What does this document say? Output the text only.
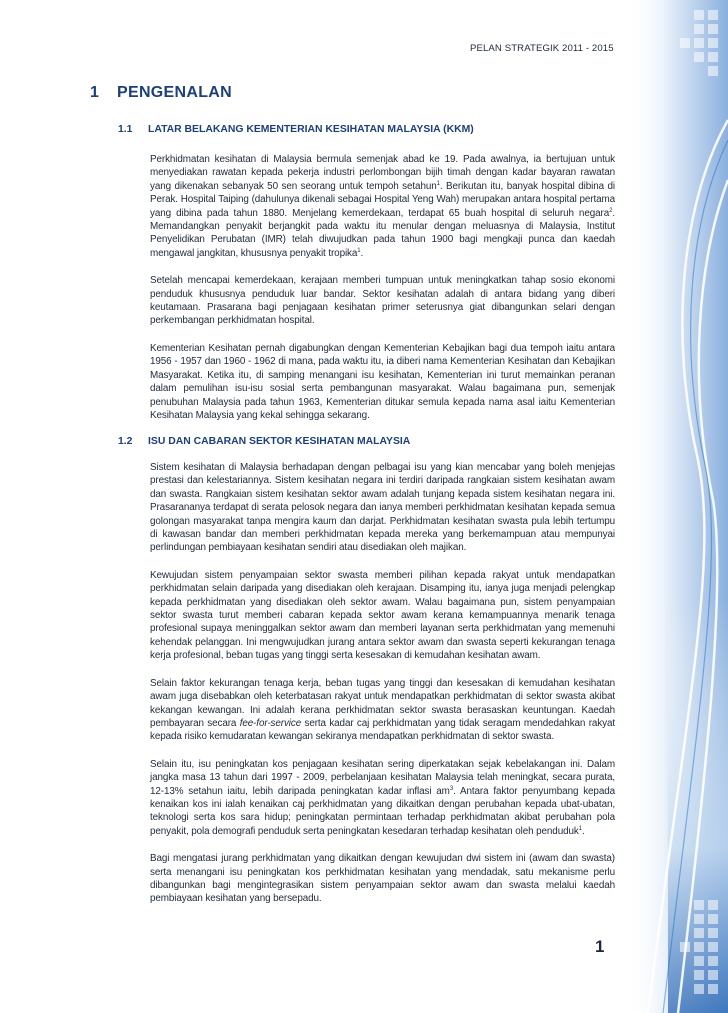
PELAN STRATEGIK 2011 - 2015
1 PENGENALAN
1.1 LATAR BELAKANG KEMENTERIAN KESIHATAN MALAYSIA (KKM)

Perkhidmatan kesihatan di Malaysia bermula semenjak abad ke 19. Pada awalnya, ia bertujuan untuk menyediakan rawatan kepada pekerja industri perlombongan bijih timah dengan kadar bayaran rawatan yang dikenakan sebanyak 50 sen seorang untuk tempoh setahun$^1$. Berikutan itu, banyak hospital dibina di Perak. Hospital Taiping (dahulunya dikenali sebagai Hospital Yeng Wah) merupakan antara hospital pertama yang dibina pada tahun 1880. Menjelang kemerdekaan, terdapat 65 buah hospital di seluruh negara$^2$. Memandangkan penyakit berjangkit pada waktu itu menular dengan meluasnya di Malaysia, Institut Penyelidikan Perubatan (IMR) telah diwujudkan pada tahun 1900 bagi mengkaji punca dan kaedah mengawal jangkitan, khususnya penyakit tropika$^1$.

Setelah mencapai kemerdekaan, kerajaan memberi tumpuan untuk meningkatkan tahap sosio ekonomi penduduk khususnya penduduk luar bandar. Sektor kesihatan adalah di antara bidang yang diberi keutamaan. Prasarana bagi penjagaan kesihatan primer seterusnya giat dibangunkan selari dengan perkembangan perkhidmatan hospital.

Kementerian Kesihatan pernah digabungkan dengan Kementerian Kebajikan bagi dua tempoh iaitu antara 1956 - 1957 dan 1960 - 1962 di mana, pada waktu itu, ia diberi nama Kementerian Kesihatan dan Kebajikan Masyarakat. Ketika itu, di samping menangani isu kesihatan, Kementerian ini turut memainkan peranan dalam pemulihan isu-isu sosial serta pembangunan masyarakat. Walau bagaimana pun, semenjak penubuhan Malaysia pada tahun 1963, Kementerian ditukar semula kepada nama asal iaitu Kementerian Kesihatan Malaysia yang kekal sehingga sekarang.

1.2 ISU DAN CABARAN SEKTOR KESIHATAN MALAYSIA

Sistem kesihatan di Malaysia berhadapan dengan pelbagai isu yang kian mencabar yang boleh menjejas prestasi dan kelestariannya. Sistem kesihatan negara ini terdiri daripada rangkaian sistem kesihatan awam dan swasta. Rangkaian sistem kesihatan sektor awam adalah tunjang kepada sistem kesihatan negara ini. Prasarananya terdapat di serata pelosok negara dan ianya memberi perkhidmatan kesihatan kepada semua golongan masyarakat tanpa mengira kaum dan darjat. Perkhidmatan kesihatan swasta pula lebih tertumpu di kawasan bandar dan memberi perkhidmatan kepada mereka yang berkemampuan atau mempunyai perlindungan pembiayaan kesihatan sendiri atau disediakan oleh majikan.

Kewujudan sistem penyampaian sektor swasta memberi pilihan kepada rakyat untuk mendapatkan perkhidmatan selain daripada yang disediakan oleh kerajaan. Disamping itu, ianya juga menjadi pelengkap kepada perkhidmatan yang disediakan oleh sektor awam. Walau bagaimana pun, sistem penyampaian sektor swasta turut memberi cabaran kepada sektor awam kerana kemampuannya menarik tenaga profesional supaya meninggalkan sektor awam dan memberi layanan serta perkhidmatan yang memenuhi kehendak pelanggan. Ini mengwujudkan jurang antara sektor awam dan swasta seperti kekurangan tenaga kerja profesional, beban tugas yang tinggi serta kesesakan di kemudahan kesihatan awam.

Selain faktor kekurangan tenaga kerja, beban tugas yang tinggi dan kesesakan di kemudahan kesihatan awam juga disebabkan oleh keterbatasan rakyat untuk mendapatkan perkhidmatan di sektor swasta akibat kekangan kewangan. Ini adalah kerana perkhidmatan sektor swasta berasaskan keuntungan. Kaedah pembayaran secara fee-for-service serta kadar caj perkhidmatan yang tidak seragam mendedahkan rakyat kepada risiko kemudaratan kewangan sekiranya mendapatkan perkhidmatan di sektor swasta.

Selain itu, isu peningkatan kos penjagaan kesihatan sering diperkatakan sejak kebelakangan ini. Dalam jangka masa 13 tahun dari 1997 - 2009, perbelanjaan kesihatan Malaysia telah meningkat, secara purata, 12-13% setahun iaitu, lebih daripada peningkatan kadar inflasi $am^3$. Antara faktor penyumbang kepada kenaikan kos ini ialah kenaikan caj perkhidmatan yang dikaitkan dengan perubahan kepada ubat-ubatan, teknologi serta kos sara hidup; peningkatan permintaan terhadap perkhidmatan akibat perubahan pola penyakit, pola demografi penduduk serta peningkatan kesedaran terhadap kesihatan oleh penduduk$^1$.

Bagi mengatasi jurang perkhidmatan yang dikaitkan dengan kewujudan dwi sistem ini (awam dan swasta) serta menangani isu peningkatan kos perkhidmatan kesihatan yang mendadak, satu mekanisme perlu dibangunkan bagi mengintegrasikan sistem penyampaian sektor awam dan swasta melalui kaedah pembiayaan kesihatan yang bersepadu.

1
